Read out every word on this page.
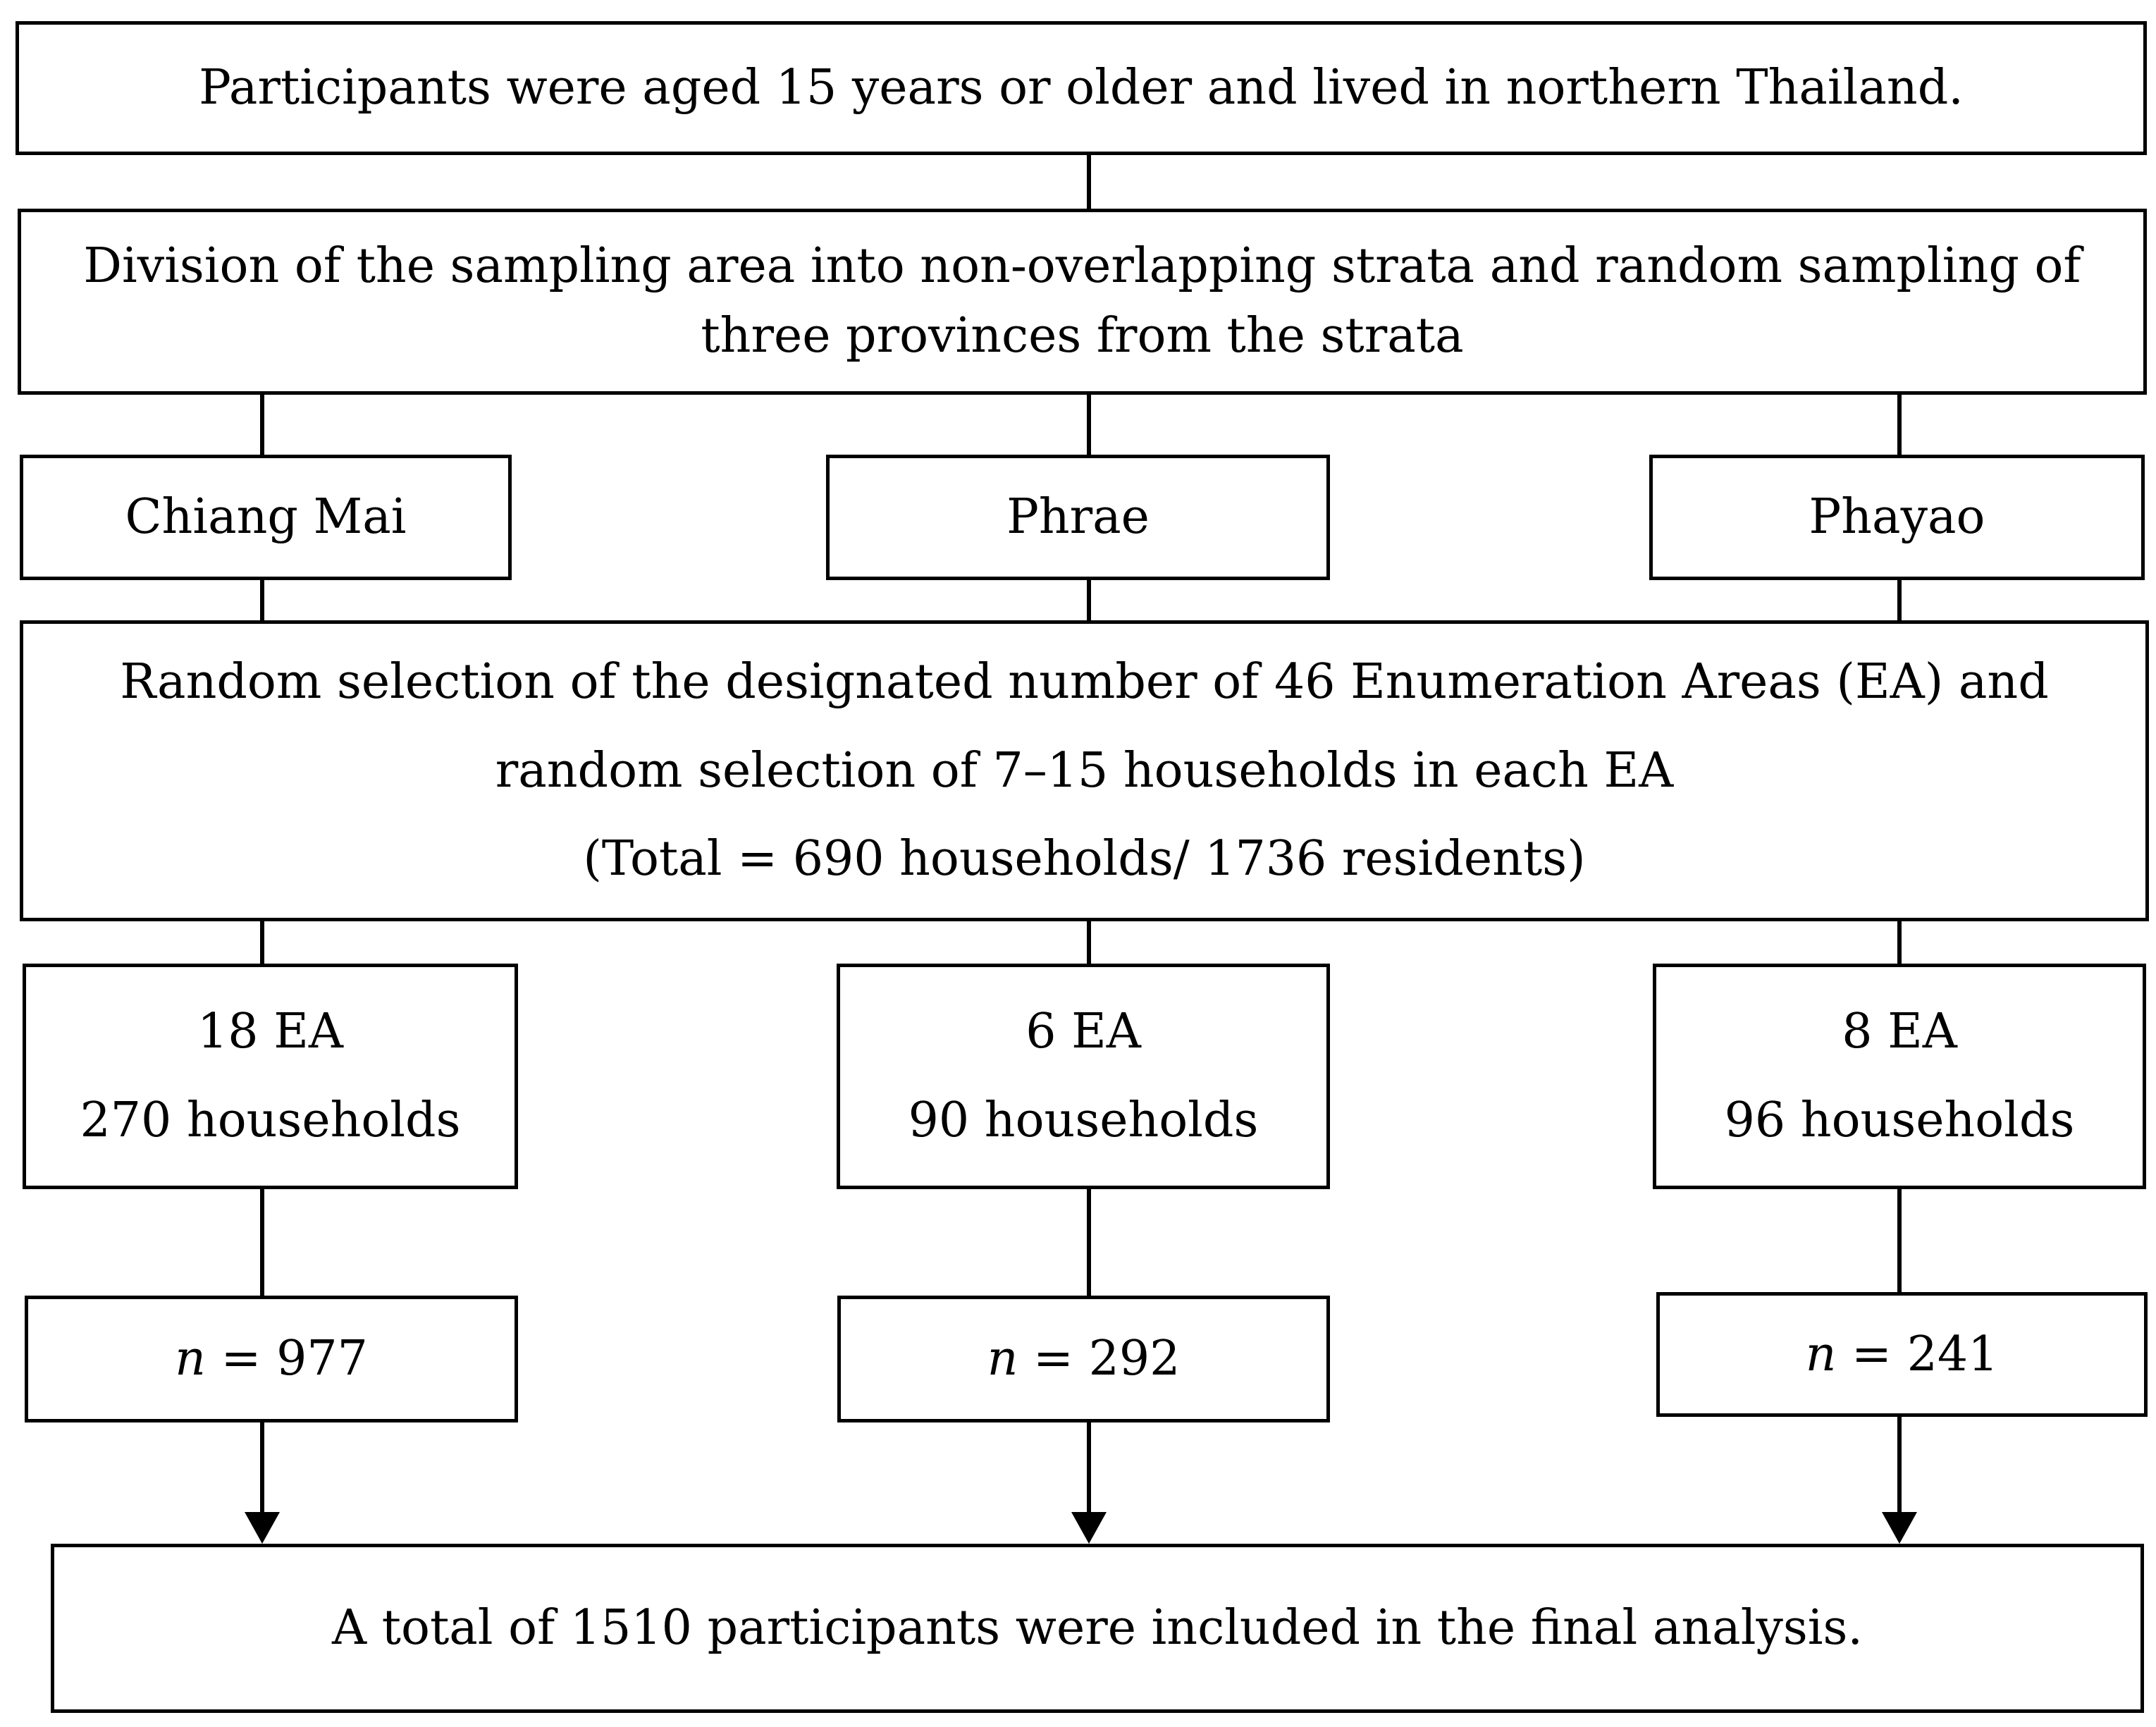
Participants were aged 15 years or older and lived in northern Thailand.
Division of the sampling area into non-overlapping strata and random sampling of
three provinces from the strata
Chiang Mai	Phrae	Phayao
Random selection of the designated number of 46 Enumeration Areas (EA) and
random selection of 7–15 households in each EA
(Total = 690 households/ 1736 residents)
18 EA
270 households
6 EA
90 households
8 EA
96 households
n = 977	n = 292	n = 241
A total of 1510 participants were included in the final analysis.
